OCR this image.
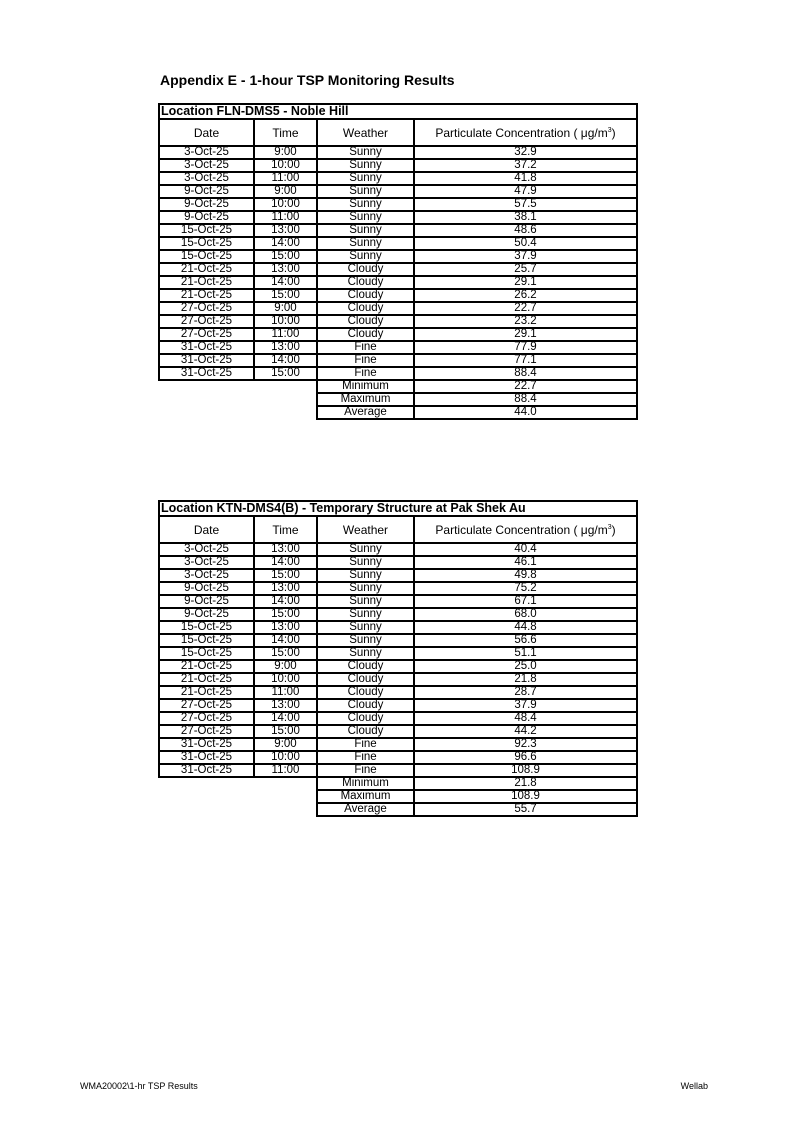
Appendix E - 1-hour TSP Monitoring Results
Location FLN-DMS5 - Noble Hill			
Date	Time	Weather	Particulate Concentration ( $\mu g/m^3$)
3-Oct-25	9:00	Sunny	32.9
3-Oct-25	10:00	Sunny	37.2
3-Oct-25	11:00	Sunny	41.8
9-Oct-25	9:00	Sunny	47.9
9-Oct-25	10:00	Sunny	57.5
9-Oct-25	11:00	Sunny	38.1
15-Oct-25	13:00	Sunny	48.6
15-Oct-25	14:00	Sunny	50.4
15-Oct-25	15:00	Sunny	37.9
21-Oct-25	13:00	Cloudy	25.7
21-Oct-25	14:00	Cloudy	29.1
21-Oct-25	15:00	Cloudy	26.2
27-Oct-25	9:00	Cloudy	22.7
27-Oct-25	10:00	Cloudy	23.2
27-Oct-25	11:00	Cloudy	29.1
31-Oct-25	13:00	Fine	77.9
31-Oct-25	14:00	Fine	77.1
31-Oct-25	15:00	Fine	88.4
		Minimum	22.7
		Maximum	88.4
		Average	44.0
Location KTN-DMS4(B) - Temporary Structure at Pak Shek Au			
Date	Time	Weather	Particulate Concentration ( $\mu g/m^3$)
3-Oct-25	13:00	Sunny	40.4
3-Oct-25	14:00	Sunny	46.1
3-Oct-25	15:00	Sunny	49.8
9-Oct-25	13:00	Sunny	75.2
9-Oct-25	14:00	Sunny	67.1
9-Oct-25	15:00	Sunny	68.0
15-Oct-25	13:00	Sunny	44.8
15-Oct-25	14:00	Sunny	56.6
15-Oct-25	15:00	Sunny	51.1
21-Oct-25	9:00	Cloudy	25.0
21-Oct-25	10:00	Cloudy	21.8
21-Oct-25	11:00	Cloudy	28.7
27-Oct-25	13:00	Cloudy	37.9
27-Oct-25	14:00	Cloudy	48.4
27-Oct-25	15:00	Cloudy	44.2
31-Oct-25	9:00	Fine	92.3
31-Oct-25	10:00	Fine	96.6
31-Oct-25	11:00	Fine	108.9
		Minimum	21.8
		Maximum	108.9
		Average	55.7
WMA20002\1-hr TSP Results	Wellab
